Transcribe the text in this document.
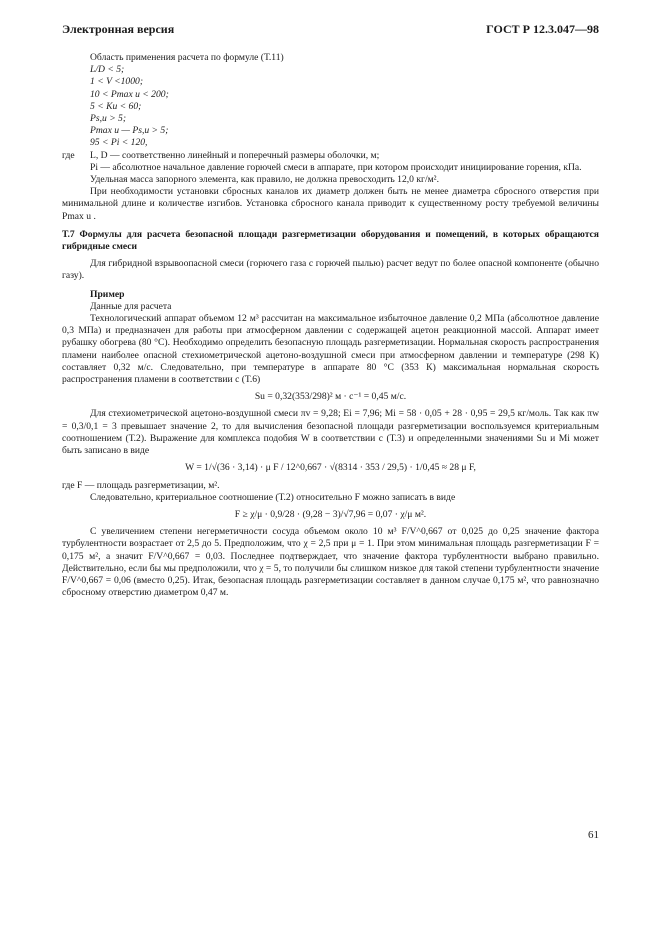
Электронная версия	ГОСТ Р 12.3.047—98

Область применения расчета по формуле (Т.11)

L/D < 5;

1 < V <1000;

10 < Pmax u < 200;

5 < Ku < 60;

Ps,u > 5;

Pmax u — Ps,u > 5;

95 < Pi < 120,

где	L, D — соответственно линейный и поперечный размеры оболочки, м;
Pi — абсолютное начальное давление горючей смеси в аппарате, при котором происходит инициирование горения, кПа.

Удельная масса запорного элемента, как правило, не должна превосходить 12,0 кг/м².

При необходимости установки сбросных каналов их диаметр должен быть не менее диаметра сбросного отверстия при минимальной длине и количестве изгибов. Установка сбросного канала приводит к существенному росту требуемой величины Pmax u .

Т.7 Формулы для расчета безопасной площади разгерметизации оборудования и помещений, в которых обращаются гибридные смеси

Для гибридной взрывоопасной смеси (горючего газа с горючей пылью) расчет ведут по более опасной компоненте (обычно газу).

Пример

Данные для расчета

Технологический аппарат объемом 12 м³ рассчитан на максимальное избыточное давление 0,2 МПа (абсолютное давление 0,3 МПа) и предназначен для работы при атмосферном давлении с содержащей ацетон реакционной массой. Аппарат имеет рубашку обогрева (80 °С). Необходимо определить безопасную площадь разгерметизации. Нормальная скорость распространения пламени наиболее опасной стехиометрической ацетоно-воздушной смеси при атмосферном давлении и температуре (298 К) составляет 0,32 м/с. Следовательно, при температуре в аппарате 80 °С (353 К) максимальная нормальная скорость распространения пламени в соответствии с (Т.6)

Su = 0,32(353/298)² м · с⁻¹ = 0,45 м/с.

Для стехиометрической ацетоно-воздушной смеси πv = 9,28; Ei = 7,96; Mi = 58 · 0,05 + 28 · 0,95 = 29,5 кг/моль. Так как πw = 0,3/0,1 = 3 превышает значение 2, то для вычисления безопасной площади разгерметизации воспользуемся критериальным соотношением (Т.2). Выражение для комплекса подобия W в соответствии с (Т.3) и определенными значениями Su и Mi может быть записано в виде

W = 1/√(36 · 3,14) · μ F / 12^0,667 · √(8314 · 353 / 29,5) · 1/0,45 ≈ 28 μ F,

где F — площадь разгерметизации, м².

Следовательно, критериальное соотношение (Т.2) относительно F можно записать в виде

F ≥ χ/μ · 0,9/28 · (9,28 − 3)/√7,96 = 0,07 · χ/μ м².

С увеличением степени негерметичности сосуда объемом около 10 м³ F/V^0,667 от 0,025 до 0,25 значение фактора турбулентности возрастает от 2,5 до 5. Предположим, что χ = 2,5 при μ = 1. При этом минимальная площадь разгерметизации F = 0,175 м², а значит F/V^0,667 = 0,03. Последнее подтверждает, что значение фактора турбулентности выбрано правильно. Действительно, если бы мы предположили, что χ = 5, то получили бы слишком низкое для такой степени турбулентности значение F/V^0,667 = 0,06 (вместо 0,25). Итак, безопасная площадь разгерметизации составляет в данном случае 0,175 м², что равнозначно сбросному отверстию диаметром 0,47 м.

61
